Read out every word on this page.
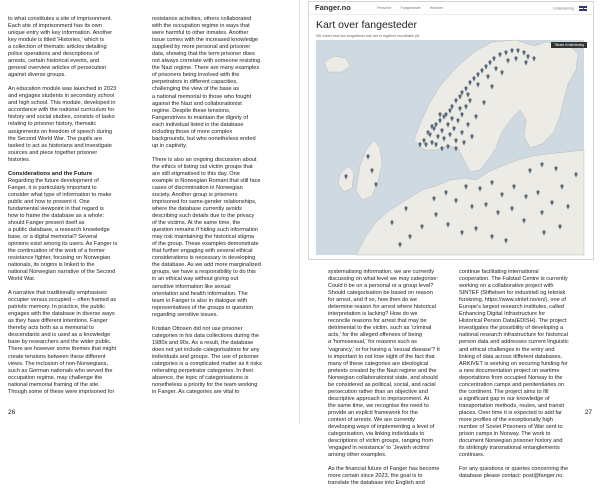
to what constitutes a site of imprisonment.
Each site of imprisonment has its own
unique entry with key information. Another
key module is titled 'Histories,' which is
a collection of thematic articles detailing
police operations and descriptions of
arrests, certain historical events, and
general overview articles of persecution
against diverse groups.

An education module was launched in 2023
and engages students in secondary school
and high school. This module, developed in
accordance with the national curriculum for
history and social studies, consists of tasks
relating to prisoner history, thematic
assignments on freedom of speech during
the Second World War. The pupils are
tasked to act as historians and investigate
sources and piece together prisoner
histories.

Considerations and the Future

Regarding the future development of
Fanger, it is particularly important to
consider what type of information to make
public and how to present it. One
fundamental viewpoint in that regard is
how to frame the database as a whole:
should Fanger present itself as
a public database, a research knowledge
base, or a digital memorial? Several
opinions exist among its users. As Fanger is
the continuation of the work of a former
resistance fighter, focusing on Norwegian
nationals, its origins is linked to the
national Norwegian narrative of the Second
World War.

A narrative that traditionally emphasises
occupier versus occupied – often framed as
patriotic memory. In practice, the public
engages with the database in diverse ways
as they have different intentions. Fanger
thereby acts both as a memorial to
descendants and is used as a knowledge
base by researchers and the wider public.
There are however some themes that might
create tensions between these different
views. The inclusion of non-Norwegians,
such as German nationals who served the
occupation regime, may challenge the
national memorial framing of the site.
Though some of these were imprisoned for

resistance activities, others collaborated
with the occupation regime in ways that
were harmful to other inmates. Another
issue comes with the increased knowledge
supplied by more personal and prisoner
data, showing that the term prisoner does
not always correlate with someone resisting
the Nazi regime. There are many examples
of prisoners being involved with the
perpetrators in different capacities,
challenging the view of the base as
a national memorial to those who fought
against the Nazi and collaborationist
regime. Despite these tensions,
Fangerstrives to maintain the dignity of
each individual listed in the database
including those of more complex
backgrounds, but who nonetheless ended
up in captivity.

There is also an ongoing discussion about
the ethics of listing out victim groups that
are still stigmatised to this day. One
example is Norwegian Romani that still face
cases of discrimination in Norwegian
society. Another group is prisoners
imprisoned for same-gender relationships,
where the database currently avoids
describing such details due to the privacy
of the victims. At the same time, the
question remains if hiding such information
may risk maintaining the historical stigma
of the group. These examples demonstrate
that further engaging with several ethical
considerations is necessary in developing
the database. As we add more marginalized
groups, we have a responsibility to do this
in an ethical way without giving out
sensitive information like sexual
orientation and health information. The
team in Fanger is also in dialogue with
representatives of the groups in question
regarding sensitive issues.

Kristian Ottosen did not use prisoner
categories in his data collections during the
1980s and 90s. As a result, the database
does not yet include categorisations for any
individuals and groups. The use of prisoner
categories is a complicated matter as it risks
reiterating perpetrator categories. In their
absence, the topic of categorisations is
nonetheless a priority for the team working
in Fanger. As categories are vital to

26
Fanger.no	Personer	Fangesteder	Historier	Undervisning
Kart over fangesteder
NB: Kartet viser kun fangesteder som det er registrert koordinater på.
Tilbake til listevisning

systematising information, we are currently
discussing on what level we may categorise:
Could it be on a personal or a group level?
Should categorisation be based on reason
for arrest, and if so, how then do we
determine reason for arrest where historical
interpretation is lacking? How do we
reconcile reasons for arrest that may be
detrimental to the victim, such as 'criminal
acts,' for the alleged offenses of being
a 'homosexual,' for reasons such as
'vagrancy,' or for having a 'sexual disease'? It
is important to not lose sight of the fact that
many of these categories are ideological
pretexts created by the Nazi regime and the
Norwegian collaborationist state, and should
be considered as political, social, and racial
persecution rather than an objective and
descriptive approach to imprisonment. At
the same time, we recognise the need to
provide an explicit framework for the
context of arrests. We are currently
developing ways of implementing a level of
categorisation, via linking individuals to
descriptions of victim groups, ranging from
'engaged in resistance' to 'Jewish victims'
among other examples.

As the financial future of Fanger has become
more certain since 2023, the goal is to
translate the database into English and

continue facilitating international
cooperation. The Falstad Centre is currently
working on a collaborative project with
SINTEF (Stiftelsen for industriell og teknisk
forskning, https://www.sintef.no/en/), one of
Europe's largest research institutes, called
Enhancing Digital Infrastructure for
Historical Person Data(EDISH). The project
investigates the possibility of developing a
national research infrastructure for historical
person data and addresses current linguistic
and ethical challenges in the entry and
linking of data across different databases.
ARKIVET is working on securing funding for
a new documentation project on wartime
deportations from occupied Norway to the
concentration camps and penitentiaries on
the continent. The project aims to fill
a significant gap in our knowledge of
transportation methods, routes, and transit
places. Over time it is expected to add far
more profiles of the exceptionally high
number of Soviet Prisoners of War sent to
prison camps in Norway. The work to
document Norwegian prisoner history and
its strikingly transnational entanglements
continues.

For any questions or queries concerning the
database please contact: post@fanger.no.

27
